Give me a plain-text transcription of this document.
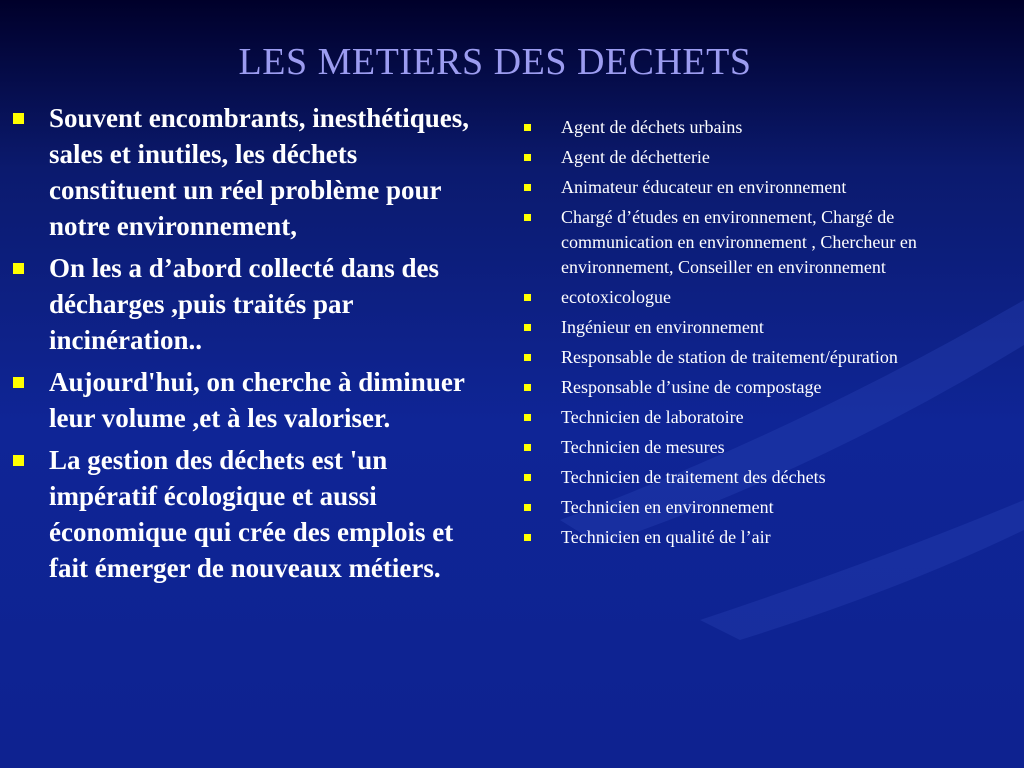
LES METIERS DES DECHETS
Souvent encombrants, inesthétiques, sales et inutiles, les déchets constituent un réel problème pour notre environnement,
On les a d’abord collecté dans des décharges ,puis traités par incinération..
Aujourd'hui, on cherche à diminuer leur volume ,et à les valoriser.
La gestion des déchets est 'un impératif écologique et aussi économique qui crée des emplois et fait émerger de nouveaux métiers.
Agent de déchets urbains
Agent de déchetterie
Animateur éducateur en environnement
Chargé d’études en environnement, Chargé de communication en environnement , Chercheur en environnement, Conseiller en environnement
ecotoxicologue
Ingénieur en environnement
Responsable de station de traitement/épuration
Responsable d’usine de compostage
Technicien de laboratoire
Technicien de mesures
Technicien de traitement des déchets
Technicien en environnement
Technicien en qualité de l’air
